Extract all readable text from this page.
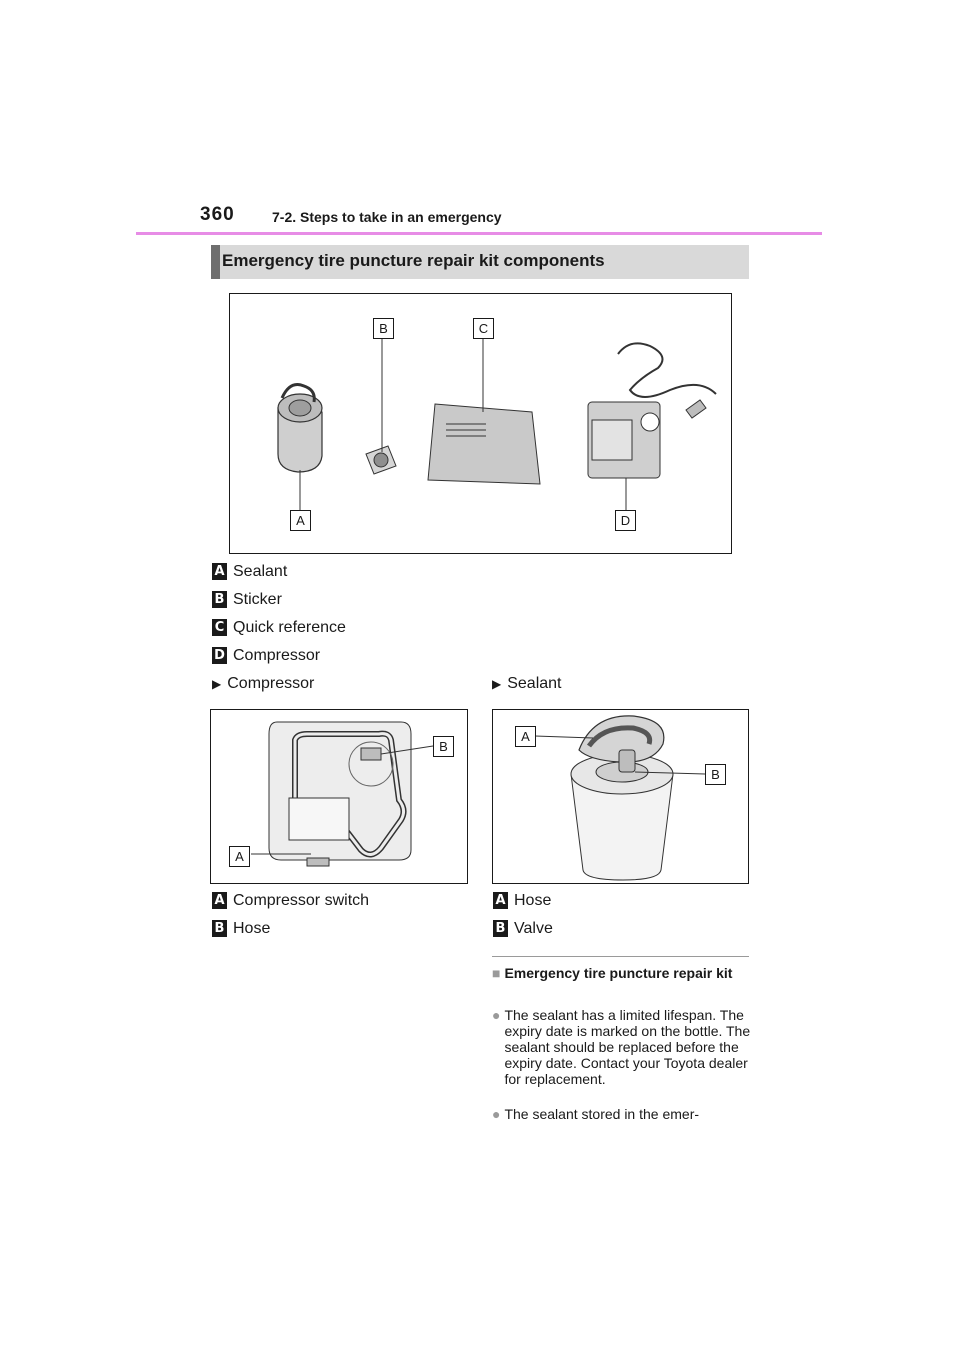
360	7-2. Steps to take in an emergency
Emergency tire puncture repair kit components
A
B	C
D
A Sealant
B Sticker
C Quick reference
D Compressor
▶ Compressor	▶ Sealant
A
B
A
B
A Compressor switch
B Hose
A Hose
B Valve
■ Emergency tire puncture repair kit
● The sealant has a limited lifespan. The expiry date is marked on the bottle. The sealant should be replaced before the expiry date. Contact your Toyota dealer for replacement.
● The sealant stored in the emer-
